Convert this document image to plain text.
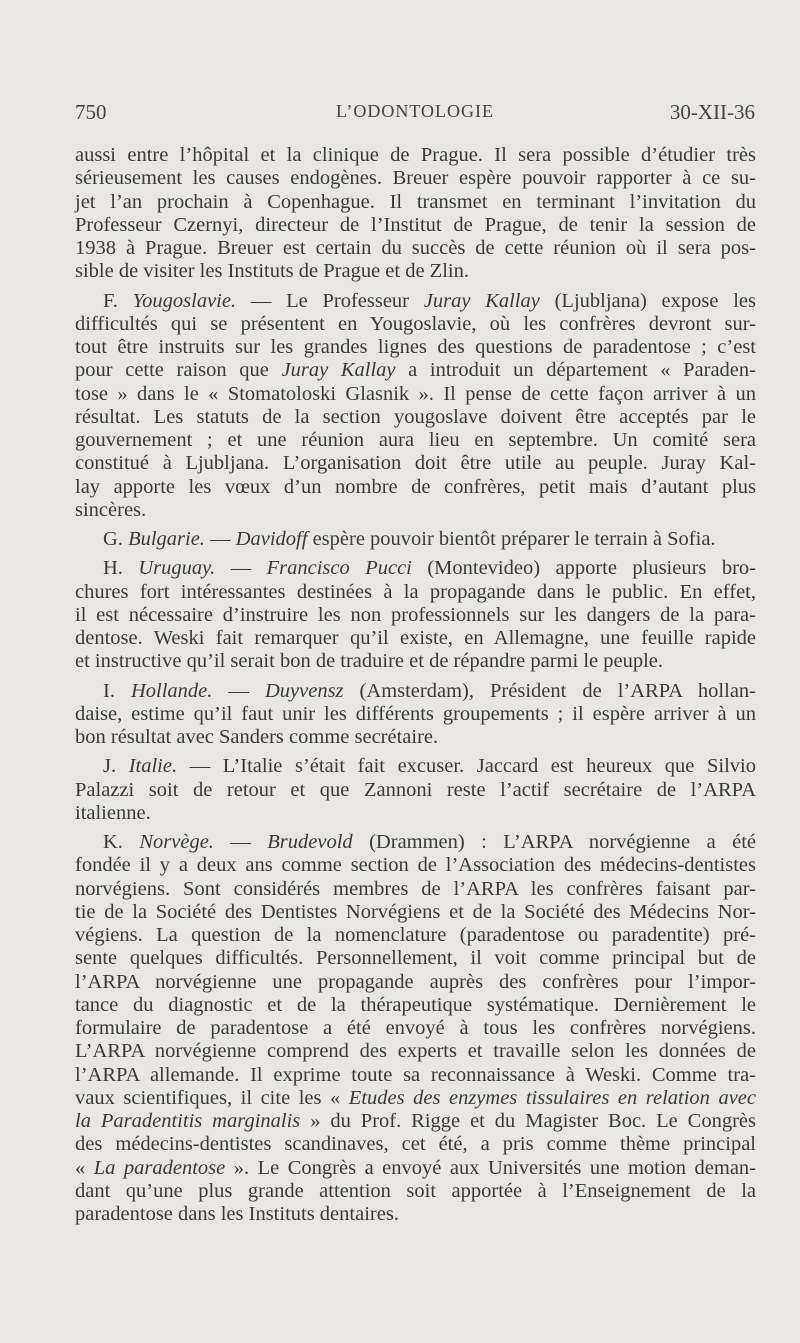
750	L’ODONTOLOGIE	30-XII-36
aussi entre l’hôpital et la clinique de Prague. Il sera possible d’étudier très
sérieusement les causes endogènes. Breuer espère pouvoir rapporter à ce su-
jet l’an prochain à Copenhague. Il transmet en terminant l’invitation du
Professeur Czernyi, directeur de l’Institut de Prague, de tenir la session de
1938 à Prague. Breuer est certain du succès de cette réunion où il sera pos-
sible de visiter les Instituts de Prague et de Zlin.
F. Yougoslavie. — Le Professeur Juray Kallay (Ljubljana) expose les
difficultés qui se présentent en Yougoslavie, où les confrères devront sur-
tout être instruits sur les grandes lignes des questions de paradentose ; c’est
pour cette raison que Juray Kallay a introduit un département « Paraden-
tose » dans le « Stomatoloski Glasnik ». Il pense de cette façon arriver à un
résultat. Les statuts de la section yougoslave doivent être acceptés par le
gouvernement ; et une réunion aura lieu en septembre. Un comité sera
constitué à Ljubljana. L’organisation doit être utile au peuple. Juray Kal-
lay apporte les vœux d’un nombre de confrères, petit mais d’autant plus
sincères.
G. Bulgarie. — Davidoff espère pouvoir bientôt préparer le terrain à Sofia.
H. Uruguay. — Francisco Pucci (Montevideo) apporte plusieurs bro-
chures fort intéressantes destinées à la propagande dans le public. En effet,
il est nécessaire d’instruire les non professionnels sur les dangers de la para-
dentose. Weski fait remarquer qu’il existe, en Allemagne, une feuille rapide
et instructive qu’il serait bon de traduire et de répandre parmi le peuple.
I. Hollande. — Duyvensz (Amsterdam), Président de l’ARPA hollan-
daise, estime qu’il faut unir les différents groupements ; il espère arriver à un
bon résultat avec Sanders comme secrétaire.
J. Italie. — L’Italie s’était fait excuser. Jaccard est heureux que Silvio
Palazzi soit de retour et que Zannoni reste l’actif secrétaire de l’ARPA
italienne.
K. Norvège. — Brudevold (Drammen) : L’ARPA norvégienne a été
fondée il y a deux ans comme section de l’Association des médecins-dentistes
norvégiens. Sont considérés membres de l’ARPA les confrères faisant par-
tie de la Société des Dentistes Norvégiens et de la Société des Médecins Nor-
végiens. La question de la nomenclature (paradentose ou paradentite) pré-
sente quelques difficultés. Personnellement, il voit comme principal but de
l’ARPA norvégienne une propagande auprès des confrères pour l’impor-
tance du diagnostic et de la thérapeutique systématique. Dernièrement le
formulaire de paradentose a été envoyé à tous les confrères norvégiens.
L’ARPA norvégienne comprend des experts et travaille selon les données de
l’ARPA allemande. Il exprime toute sa reconnaissance à Weski. Comme tra-
vaux scientifiques, il cite les « Etudes des enzymes tissulaires en relation avec
la Paradentitis marginalis » du Prof. Rigge et du Magister Boc. Le Congrès
des médecins-dentistes scandinaves, cet été, a pris comme thème principal
« La paradentose ». Le Congrès a envoyé aux Universités une motion deman-
dant qu’une plus grande attention soit apportée à l’Enseignement de la
paradentose dans les Instituts dentaires.
